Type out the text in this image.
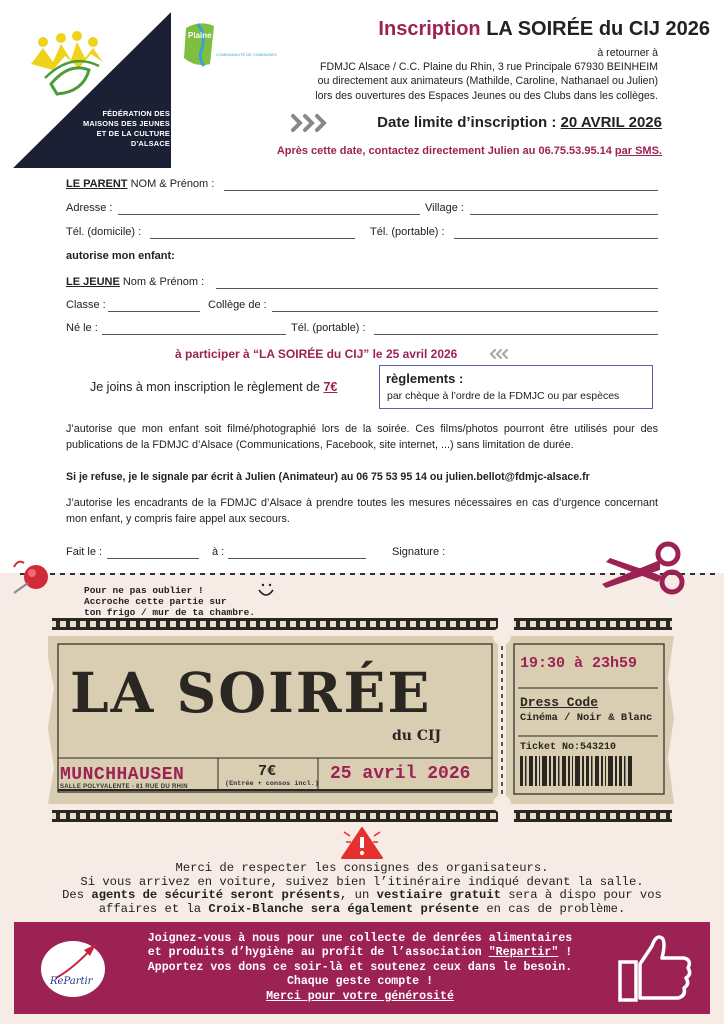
FÉDÉRATION DES
MAISONS DES JEUNES
ET DE LA CULTURE
D'ALSACE
Plaine du Rhin
COMMUNAUTÉ DE COMMUNES
Inscription LA SOIRÉE du CIJ 2026
à retourner à
FDMJC Alsace / C.C. Plaine du Rhin, 3 rue Principale 67930 BEINHEIM
ou directement aux animateurs (Mathilde, Caroline, Nathanael ou Julien)
lors des ouvertures des Espaces Jeunes ou des Clubs dans les collèges.
Date limite d’inscription : 20 AVRIL 2026
Après cette date, contactez directement Julien au 06.75.53.95.14 par SMS.
LE PARENT NOM & Prénom :
Adresse :	Village :
Tél. (domicile) :	Tél. (portable) :
autorise mon enfant:
LE JEUNE Nom & Prénom :
Classe :	Collège de :
Né le :	Tél. (portable) :
à participer à “LA SOIRÉE du CIJ” le 25 avril 2026
Je joins à mon inscription le règlement de 7€
règlements :
par chèque à l’ordre de la FDMJC ou par espèces
J’autorise que mon enfant soit filmé/photographié lors de la soirée. Ces films/photos pourront être utilisés pour des publications de la FDMJC d’Alsace (Communications, Facebook, site internet, ...) sans limitation de durée.
Si je refuse, je le signale par écrit à Julien (Animateur) au 06 75 53 95 14 ou julien.bellot@fdmjc-alsace.fr
J’autorise les encadrants de la FDMJC d’Alsace à prendre toutes les mesures nécessaires en cas d’urgence concernant mon enfant, y compris faire appel aux secours.
Fait le :	à :	Signature :
Pour ne pas oublier !
Accroche cette partie sur
ton frigo / mur de ta chambre.
LA SOIRÉE
du CIJ
MUNCHHAUSEN
SALLE POLYVALENTE - 81 RUE DU RHIN
7€
(Entrée + consos incl.) 25 avril 2026
19:30 à 23h59
Dress Code
Cinéma / Noir & Blanc
Ticket No:543210
Merci de respecter les consignes des organisateurs.
Si vous arrivez en voiture, suivez bien l’itinéraire indiqué devant la salle.
Des agents de sécurité seront présents, un vestiaire gratuit sera à dispo pour vos
affaires et la Croix-Blanche sera également présente en cas de problème.
RePartir
Joignez-vous à nous pour une collecte de denrées alimentaires
et produits d’hygiène au profit de l’association "Repartir" !
Apportez vos dons ce soir-là et soutenez ceux dans le besoin.
Chaque geste compte !
Merci pour votre générosité
